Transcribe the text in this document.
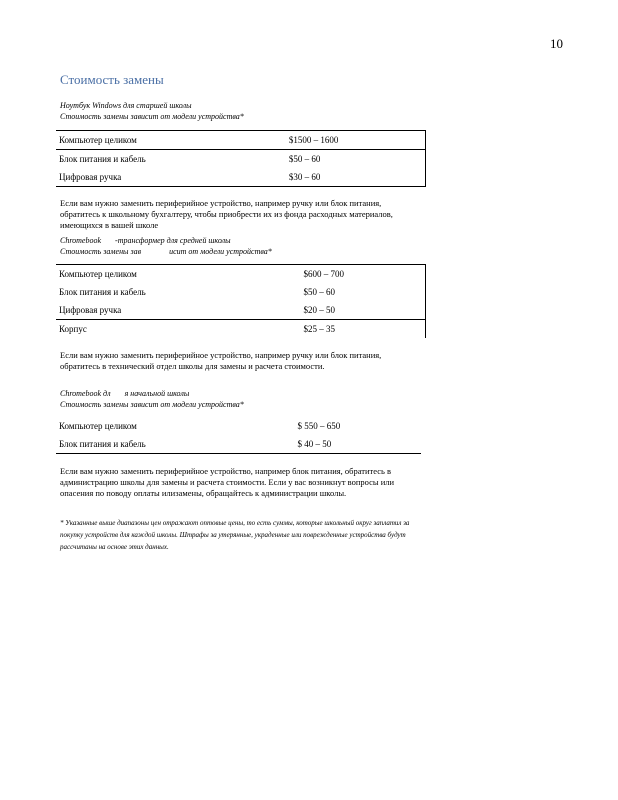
10
Стоимость замены
Ноутбук Windows для старшей школы
Стоимость замены зависит от модели устройства*
Компьютер целиком	$1500 – 1600
Блок питания и кабель	$50 – 60
Цифровая ручка	$30 – 60
Если вам нужно заменить периферийное устройство, например ручку или блок питания, обратитесь к школьному бухгалтеру, чтобы приобрести их из фонда расходных материалов, имеющихся в вашей школе
Chromebook -трансформер для средней школы
Стоимость замены зав	исит от модели устройства*
Компьютер целиком	$600 – 700
Блок питания и кабель	$50 – 60
Цифровая ручка	$20 – 50
Корпус	$25 – 35
Если вам нужно заменить периферийное устройство, например ручку или блок питания, обратитесь в технический отдел школы для замены и расчета стоимости.
Chromebook дл я начальной школы
Стоимость замены зависит от модели устройства*
Компьютер целиком	$ 550 – 650
Блок питания и кабель	$ 40 – 50
Если вам нужно заменить периферийное устройство, например блок питания, обратитесь в администрацию школы для замены и расчета стоимости. Если у вас возникнут вопросы или опасения по поводу оплаты илизамены, обращайтесь к администрации школы.
* Указанные выше диапазоны цен отражают оптовые цены, то есть суммы, которые школьный округ заплатил за покупку устройств для каждой школы. Штрафы за утерянные, украденные или поврежденные устройства будут рассчитаны на основе этих данных.
